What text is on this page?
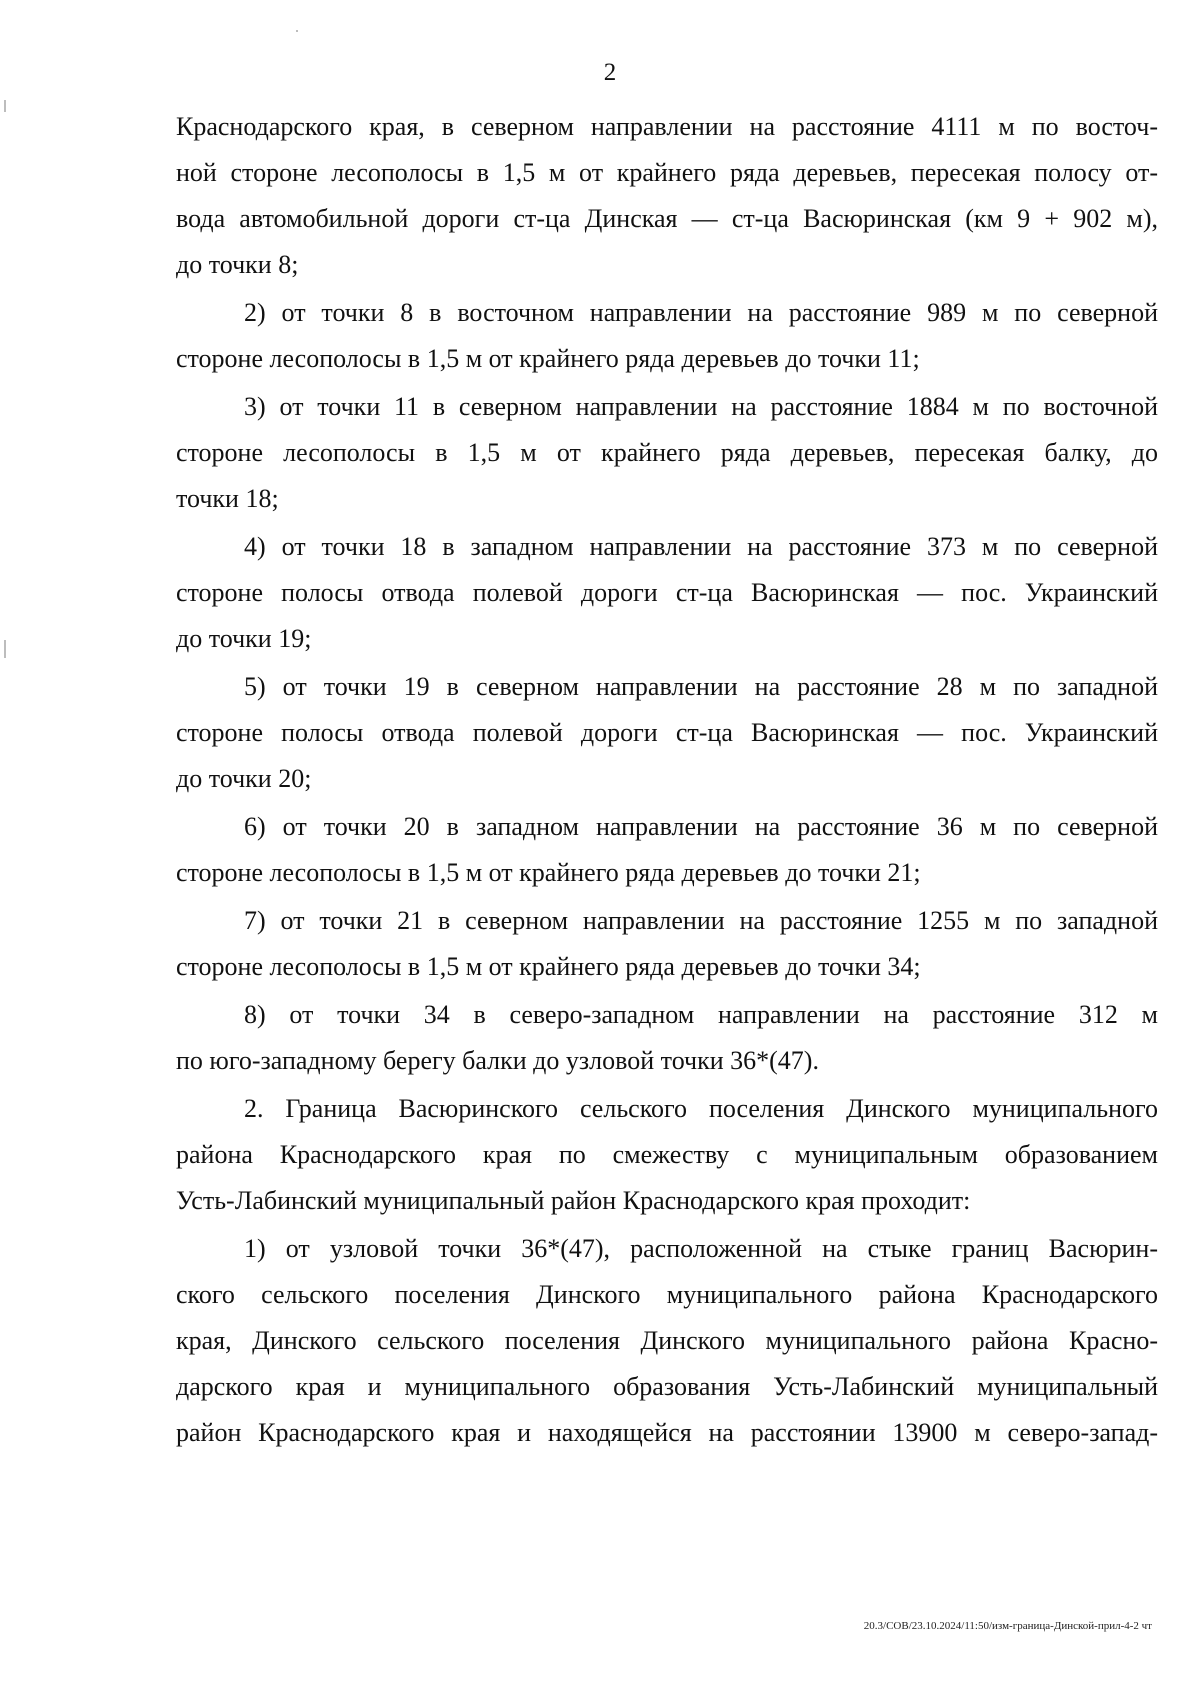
2
Краснодарского края, в северном направлении на расстояние 4111 м по восточ-
ной стороне лесополосы в 1,5 м от крайнего ряда деревьев, пересекая полосу от-
вода автомобильной дороги ст-ца Динская — ст-ца Васюринская (км 9 + 902 м),
до точки 8;
2) от точки 8 в восточном направлении на расстояние 989 м по северной
стороне лесополосы в 1,5 м от крайнего ряда деревьев до точки 11;
3) от точки 11 в северном направлении на расстояние 1884 м по восточной
стороне лесополосы в 1,5 м от крайнего ряда деревьев, пересекая балку, до
точки 18;
4) от точки 18 в западном направлении на расстояние 373 м по северной
стороне полосы отвода полевой дороги ст-ца Васюринская — пос. Украинский
до точки 19;
5) от точки 19 в северном направлении на расстояние 28 м по западной
стороне полосы отвода полевой дороги ст-ца Васюринская — пос. Украинский
до точки 20;
6) от точки 20 в западном направлении на расстояние 36 м по северной
стороне лесополосы в 1,5 м от крайнего ряда деревьев до точки 21;
7) от точки 21 в северном направлении на расстояние 1255 м по западной
стороне лесополосы в 1,5 м от крайнего ряда деревьев до точки 34;
8) от точки 34 в северо-западном направлении на расстояние 312 м
по юго-западному берегу балки до узловой точки 36*(47).
2. Граница Васюринского сельского поселения Динского муниципального
района Краснодарского края по смежеству с муниципальным образованием
Усть-Лабинский муниципальный район Краснодарского края проходит:
1) от узловой точки 36*(47), расположенной на стыке границ Васюрин-
ского сельского поселения Динского муниципального района Краснодарского
края, Динского сельского поселения Динского муниципального района Красно-
дарского края и муниципального образования Усть-Лабинский муниципальный
район Краснодарского края и находящейся на расстоянии 13900 м северо-запад-
20.3/СОВ/23.10.2024/11:50/изм-граница-Динской-прил-4-2 чт
